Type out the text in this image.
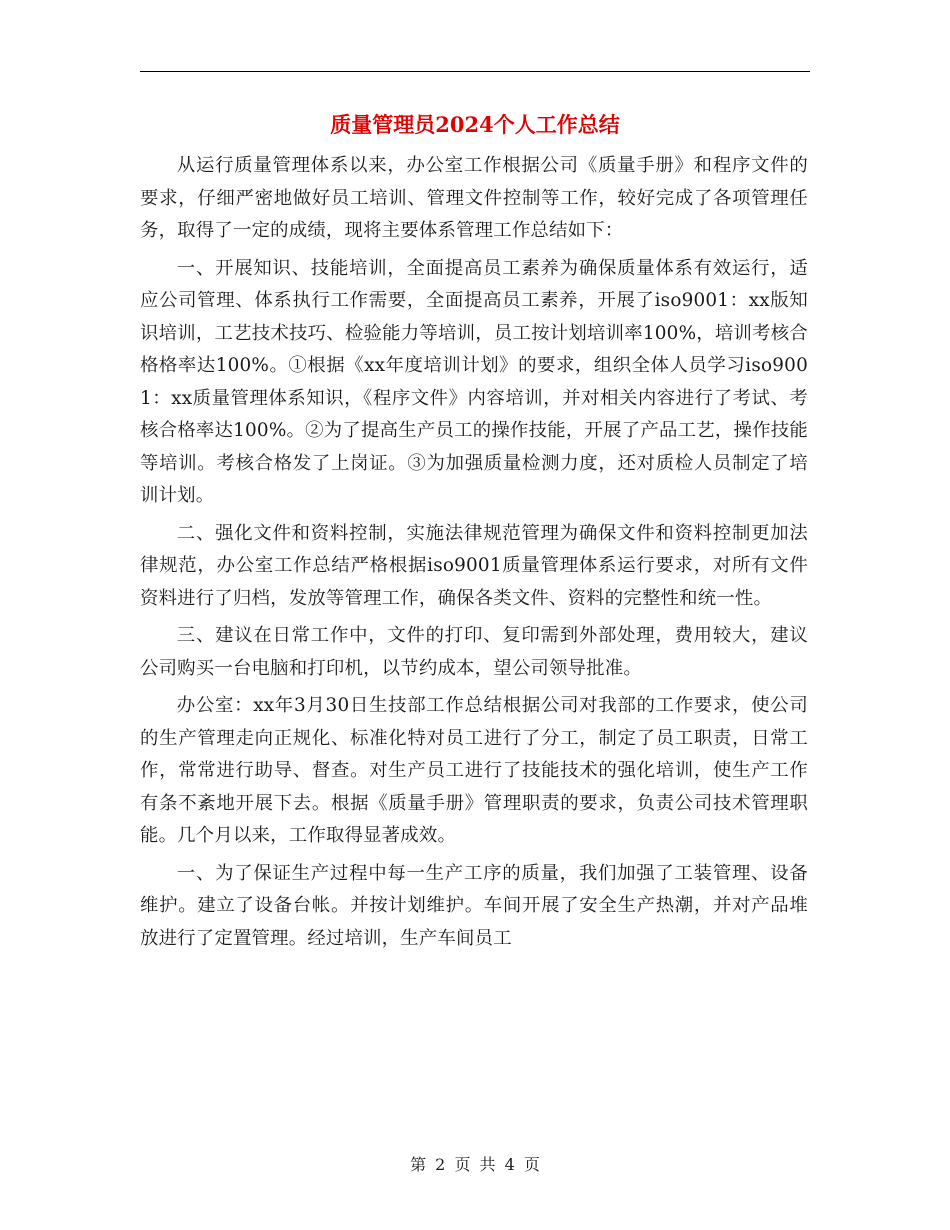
质量管理员2024个人工作总结

从运行质量管理体系以来，办公室工作根据公司《质量手册》和程序文件的要求，仔细严密地做好员工培训、管理文件控制等工作，较好完成了各项管理任务，取得了一定的成绩，现将主要体系管理工作总结如下：

一、开展知识、技能培训，全面提高员工素养为确保质量体系有效运行，适应公司管理、体系执行工作需要，全面提高员工素养，开展了iso9001：xx版知识培训，工艺技术技巧、检验能力等培训，员工按计划培训率100%，培训考核合格格率达100%。①根据《xx年度培训计划》的要求，组织全体人员学习iso9001：xx质量管理体系知识，《程序文件》内容培训，并对相关内容进行了考试、考核合格率达100%。②为了提高生产员工的操作技能，开展了产品工艺，操作技能等培训。考核合格发了上岗证。③为加强质量检测力度，还对质检人员制定了培训计划。

二、强化文件和资料控制，实施法律规范管理为确保文件和资料控制更加法律规范，办公室工作总结严格根据iso9001质量管理体系运行要求，对所有文件资料进行了归档，发放等管理工作，确保各类文件、资料的完整性和统一性。

三、建议在日常工作中，文件的打印、复印需到外部处理，费用较大，建议公司购买一台电脑和打印机，以节约成本，望公司领导批准。

办公室：xx年3月30日生技部工作总结根据公司对我部的工作要求，使公司的生产管理走向正规化、标准化特对员工进行了分工，制定了员工职责，日常工作，常常进行助导、督查。对生产员工进行了技能技术的强化培训，使生产工作有条不紊地开展下去。根据《质量手册》管理职责的要求，负责公司技术管理职能。几个月以来，工作取得显著成效。

一、为了保证生产过程中每一生产工序的质量，我们加强了工装管理、设备维护。建立了设备台帐。并按计划维护。车间开展了安全生产热潮，并对产品堆放进行了定置管理。经过培训，生产车间员工

第 2 页 共 4 页
